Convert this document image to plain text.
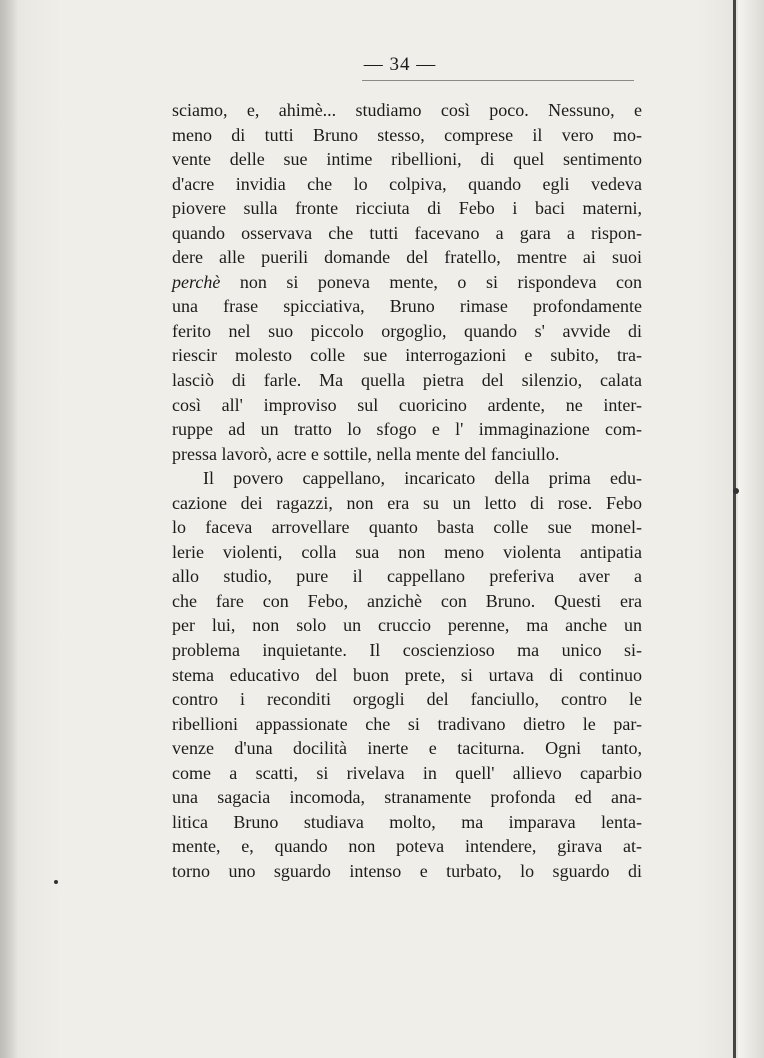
— 34 —
sciamo, e, ahimè... studiamo così poco. Nessuno, e
meno di tutti Bruno stesso, comprese il vero mo-
vente delle sue intime ribellioni, di quel sentimento
d'acre invidia che lo colpiva, quando egli vedeva
piovere sulla fronte ricciuta di Febo i baci materni,
quando osservava che tutti facevano a gara a rispon-
dere alle puerili domande del fratello, mentre ai suoi
perchè non si poneva mente, o si rispondeva con
una frase spicciativa, Bruno rimase profondamente
ferito nel suo piccolo orgoglio, quando s' avvide di
riescir molesto colle sue interrogazioni e subito, tra-
lasciò di farle. Ma quella pietra del silenzio, calata
così all' improviso sul cuoricino ardente, ne inter-
ruppe ad un tratto lo sfogo e l' immaginazione com-
pressa lavorò, acre e sottile, nella mente del fanciullo.
Il povero cappellano, incaricato della prima edu-
cazione dei ragazzi, non era su un letto di rose. Febo
lo faceva arrovellare quanto basta colle sue monel-
lerie violenti, colla sua non meno violenta antipatia
allo studio, pure il cappellano preferiva aver a
che fare con Febo, anzichè con Bruno. Questi era
per lui, non solo un cruccio perenne, ma anche un
problema inquietante. Il coscienzioso ma unico si-
stema educativo del buon prete, si urtava di continuo
contro i reconditi orgogli del fanciullo, contro le
ribellioni appassionate che si tradivano dietro le par-
venze d'una docilità inerte e taciturna. Ogni tanto,
come a scatti, si rivelava in quell' allievo caparbio
una sagacia incomoda, stranamente profonda ed ana-
litica Bruno studiava molto, ma imparava lenta-
mente, e, quando non poteva intendere, girava at-
torno uno sguardo intenso e turbato, lo sguardo di
